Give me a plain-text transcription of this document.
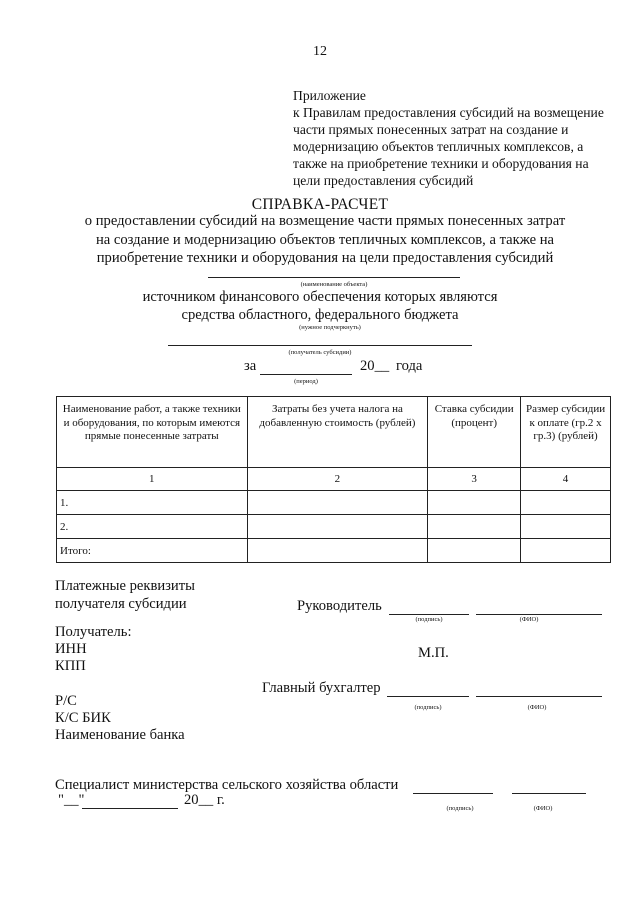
12
Приложение
к Правилам предоставления субсидий на возмещение
части прямых понесенных затрат на создание и
модернизацию объектов тепличных комплексов, а
также на приобретение техники и оборудования на
цели предоставления субсидий
СПРАВКА-РАСЧЕТ
о предоставлении субсидий на возмещение части прямых понесенных затрат
на создание и модернизацию объектов тепличных комплексов, а также на
приобретение техники и оборудования на цели предоставления субсидий
(наименование объекта)
источником финансового обеспечения которых являются
средства областного, федерального бюджета
(нужное подчеркнуть)
(получатель субсидии)
за	20__ года
(период)
Наименование работ, а также техники и оборудования, по которым имеются прямые понесенные затраты	Затраты без учета налога на добавленную стоимость (рублей)	Ставка субсидии (процент)	Размер субсидии к оплате (гр.2 х гр.3) (рублей)
1	2	3	4
1.			
2.			
Итого:			
Платежные реквизиты
получателя субсидии
Получатель:
ИНН
КПП
Р/С
К/С БИК
Наименование банка
Руководитель
(подпись)	(ФИО)
М.П.
Главный бухгалтер
(подпись)	(ФИО)
Специалист министерства сельского хозяйства области
(подпись)	(ФИО)
"__"	20__ г.
